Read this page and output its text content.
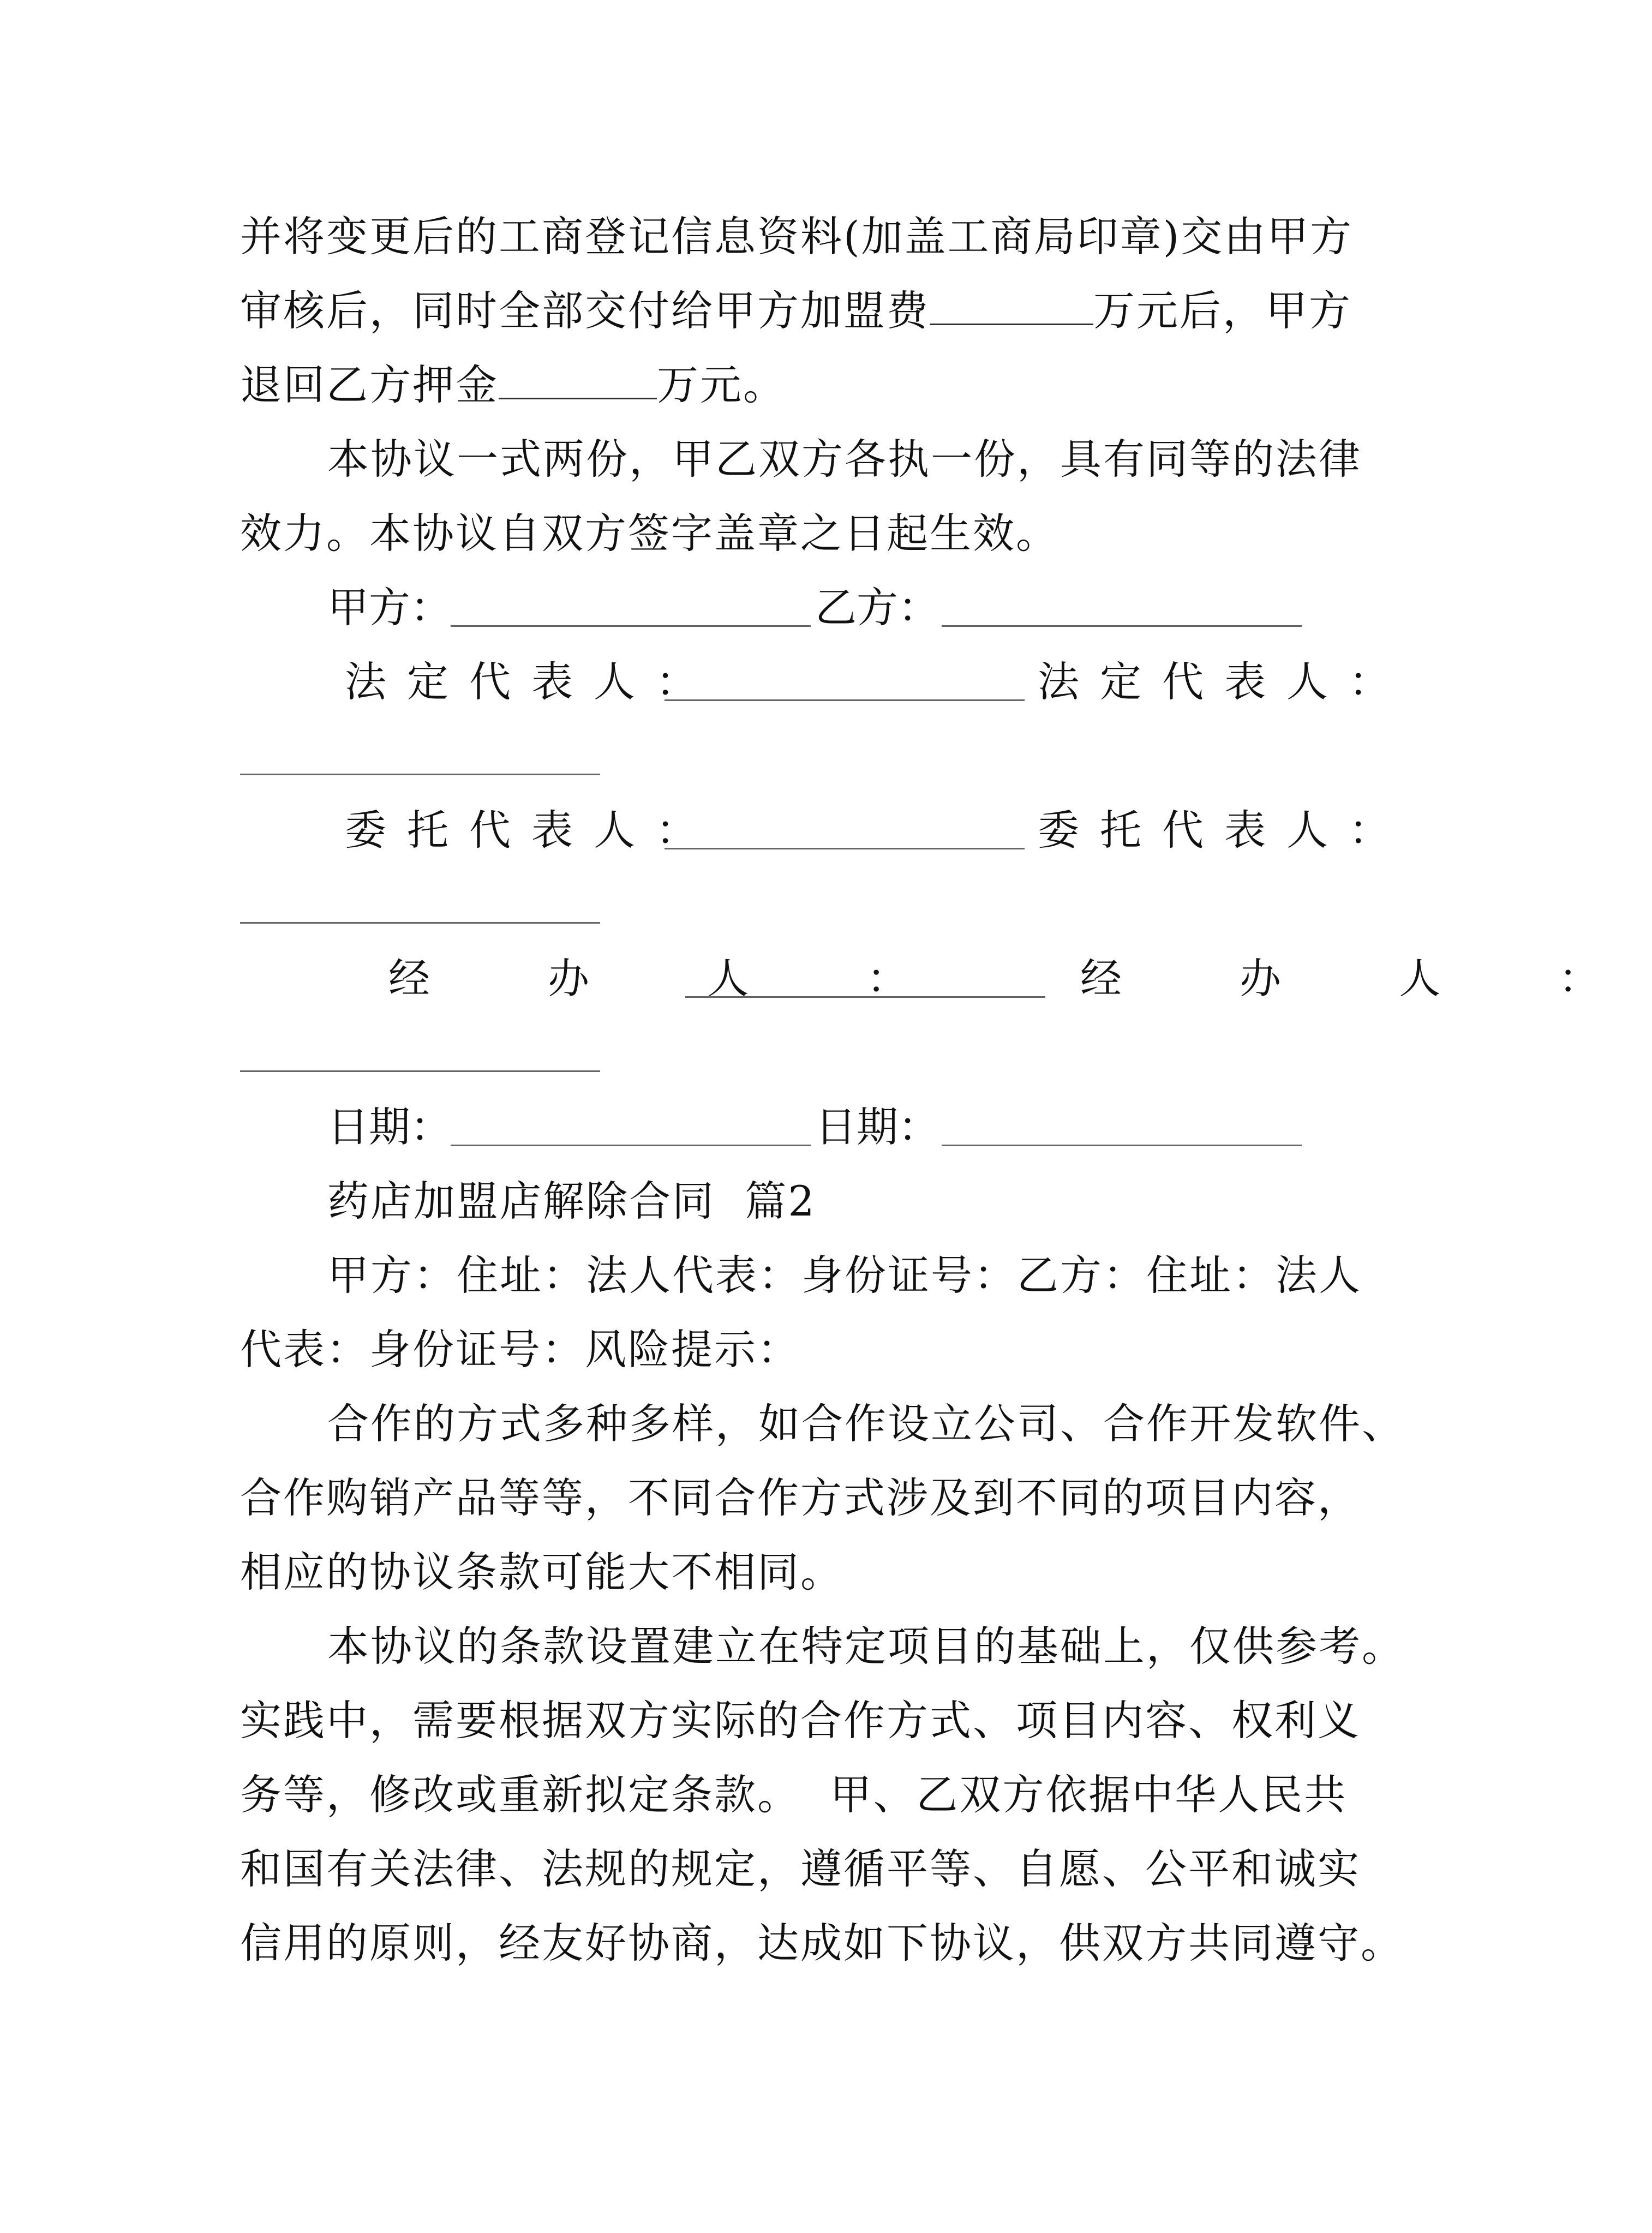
并将变更后的工商登记信息资料(加盖工商局印章)交由甲方
审核后，同时全部交付给甲方加盟费	万元后，甲方
退回乙方押金	万元。
本协议一式两份，甲乙双方各执一份，具有同等的法律
效力。本协议自双方签字盖章之日起生效。
甲方：	乙方：
法定代表人：	法定代表人：
委托代表人：	委托代表人：
经 办 人 ：	经 办 人 ：
日期：	日期：
药店加盟店解除合同  篇2
甲方：住址：法人代表：身份证号：乙方：住址：法人
代表：身份证号：风险提示：
合作的方式多种多样，如合作设立公司、合作开发软件、
合作购销产品等等，不同合作方式涉及到不同的项目内容，
相应的协议条款可能大不相同。
本协议的条款设置建立在特定项目的基础上，仅供参考。
实践中，需要根据双方实际的合作方式、项目内容、权利义
务等，修改或重新拟定条款。  甲、乙双方依据中华人民共
和国有关法律、法规的规定，遵循平等、自愿、公平和诚实
信用的原则，经友好协商，达成如下协议，供双方共同遵守。
